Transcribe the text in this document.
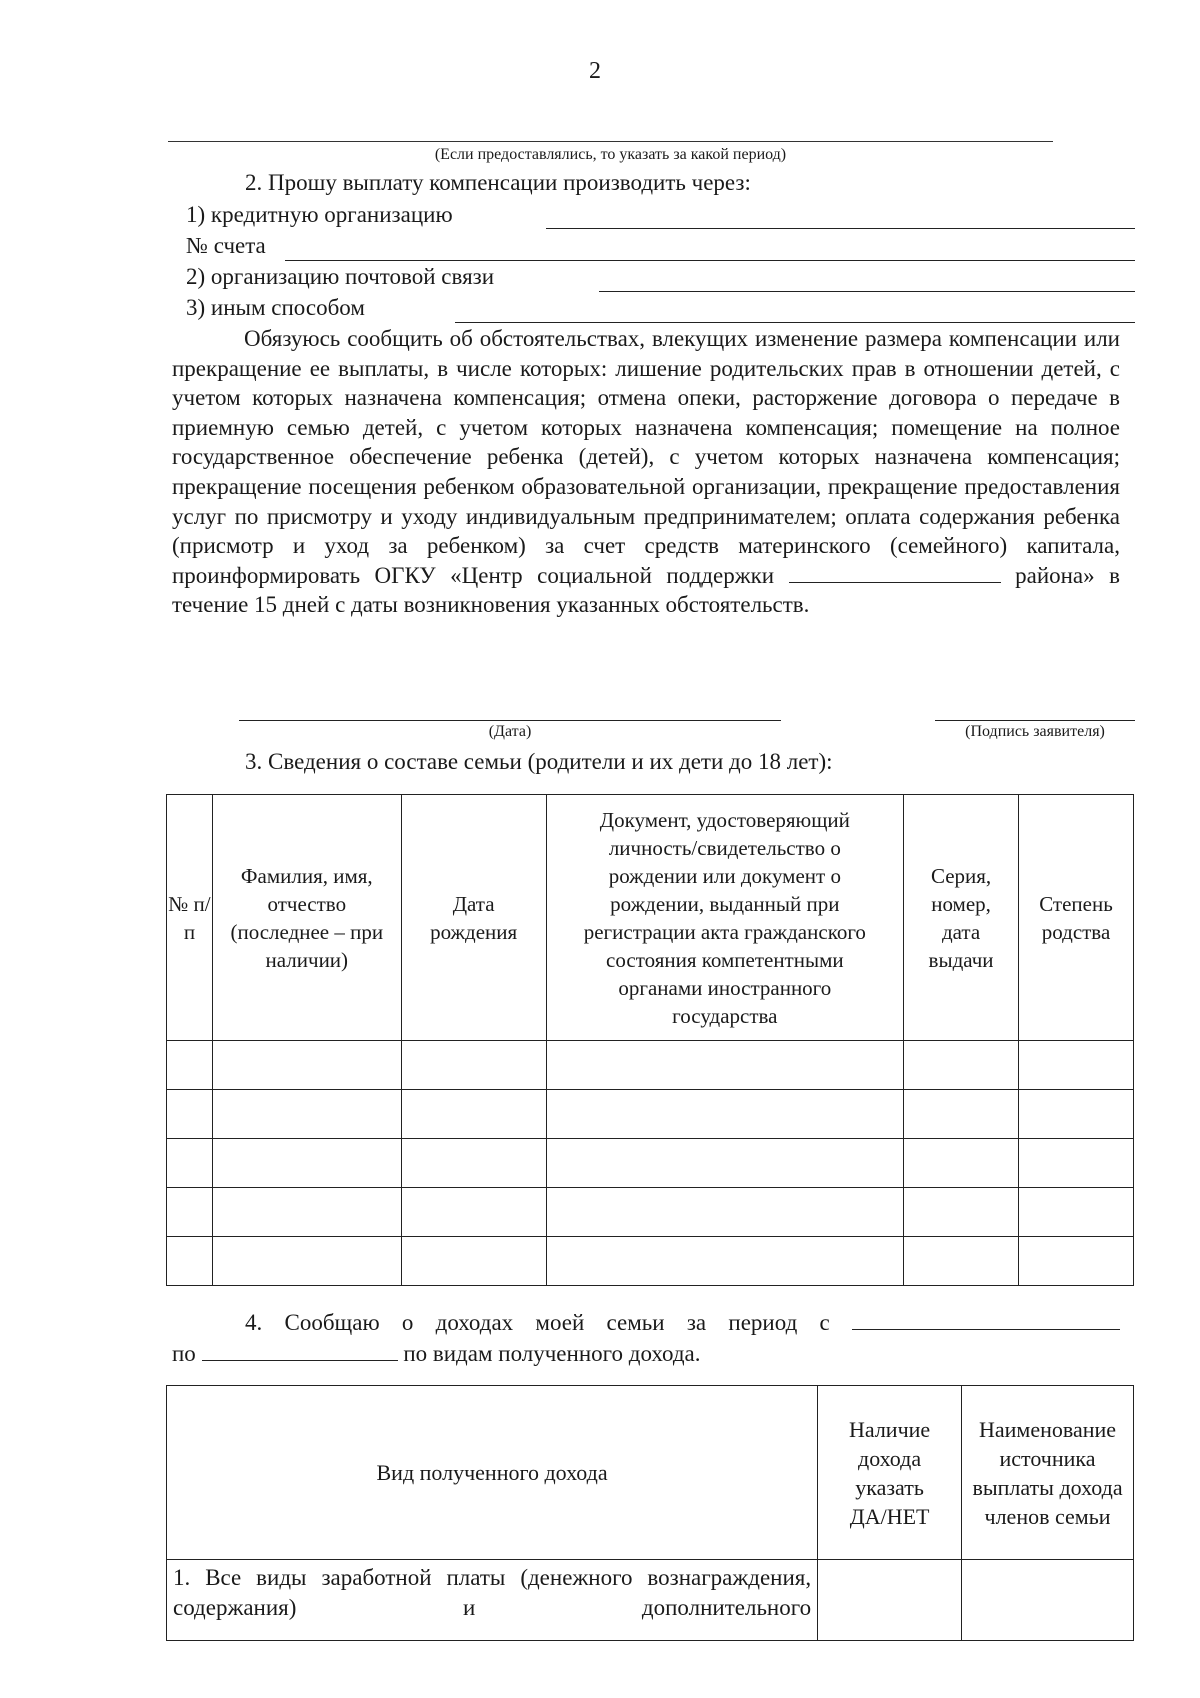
2
(Если предоставлялись, то указать за какой период)
2. Прошу выплату компенсации производить через:
1) кредитную организацию
№ счета
2) организацию почтовой связи
3) иным способом
Обязуюсь сообщить об обстоятельствах, влекущих изменение размера компенсации или прекращение ее выплаты, в числе которых: лишение родительских прав в отношении детей, с учетом которых назначена компенсация; отмена опеки, расторжение договора о передаче в приемную семью детей, с учетом которых назначена компенсация; помещение на полное государственное обеспечение ребенка (детей), с учетом которых назначена компенсация; прекращение посещения ребенком образовательной организации, прекращение предоставления услуг по присмотру и уходу индивидуальным предпринимателем; оплата содержания ребенка (присмотр и уход за ребенком) за счет средств материнского (семейного) капитала, проинформировать ОГКУ «Центр социальной поддержки	района» в течение 15 дней с даты возникновения указанных обстоятельств.
(Дата)	(Подпись заявителя)
3. Сведения о составе семьи (родители и их дети до 18 лет):
№ п/п	Фамилия, имя, отчество (последнее – при наличии)	Дата рождения	Документ, удостоверяющий личность/свидетельство о рождении или документ о рождении, выданный при регистрации акта гражданского состояния компетентными органами иностранного государства	Серия, номер, дата выдачи	Степень родства

4. Сообщаю о доходах моей семьи за период с
по	по видам полученного дохода.
Вид полученного дохода	Наличие дохода указать ДА/НЕТ	Наименование источника выплаты дохода членов семьи

1. Все виды заработной платы (денежного вознаграждения, содержания) и дополнительного		
